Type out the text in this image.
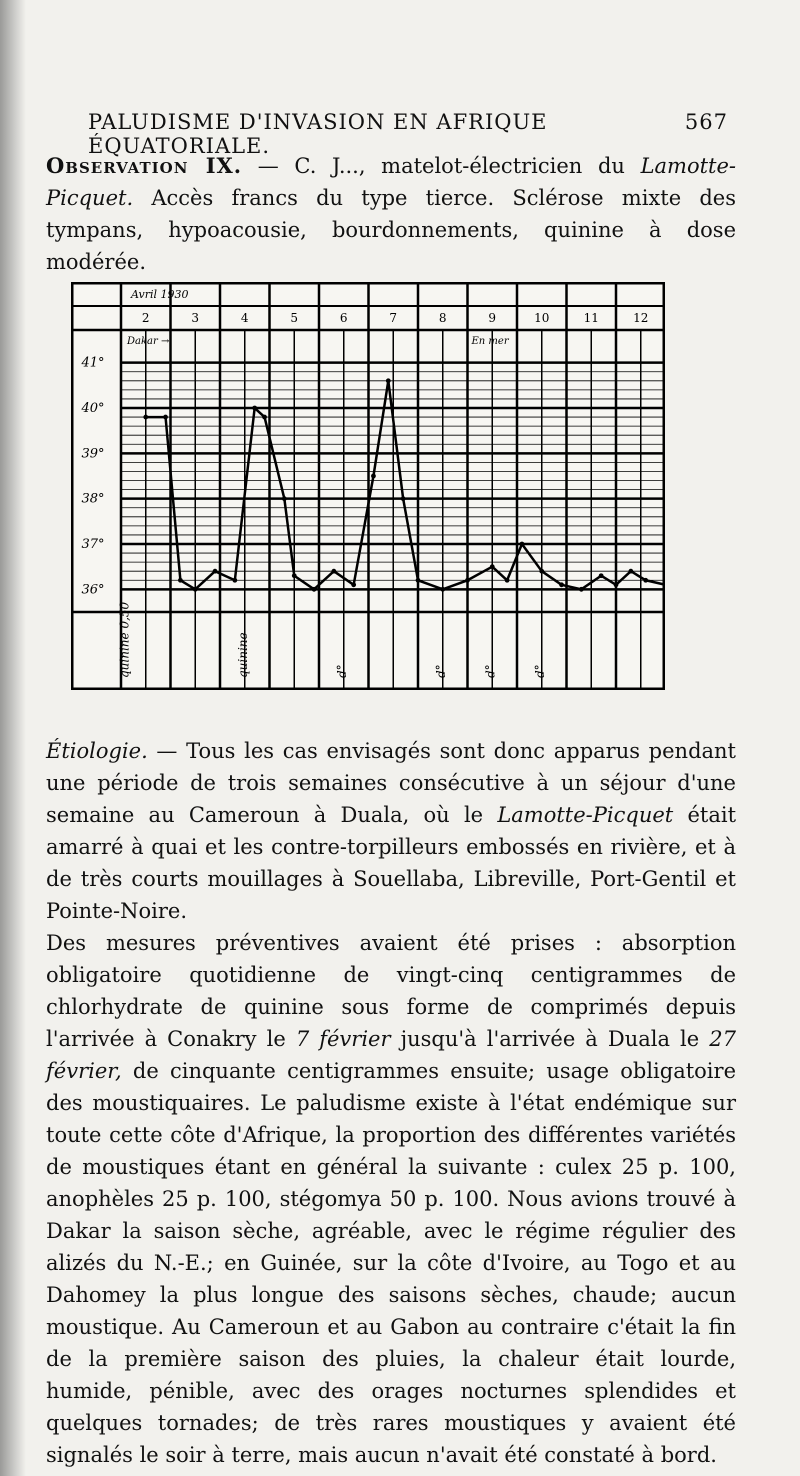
PALUDISME D'INVASION EN AFRIQUE ÉQUATORIALE.
567

Observation IX. — C. J..., matelot-électricien du Lamotte-Picquet. Accès francs du type tierce. Sclérose mixte des tympans, hypoacousie, bourdonnements, quinine à dose modérée.

41°
40°
39°
38°
37°
36°
Avril 1930
2	3	4	5	6	7	8	9	10	11	12
Dakar →	En mer
quinine 0,50	quinine	d°	d°	d°	d°

Étiologie. — Tous les cas envisagés sont donc apparus pendant une période de trois semaines consécutive à un séjour d'une semaine au Cameroun à Duala, où le Lamotte-Picquet était amarré à quai et les contre-torpilleurs embossés en rivière, et à de très courts mouillages à Souellaba, Libreville, Port-Gentil et Pointe-Noire.

Des mesures préventives avaient été prises : absorption obligatoire quotidienne de vingt-cinq centigrammes de chlorhydrate de quinine sous forme de comprimés depuis l'arrivée à Conakry le 7 février jusqu'à l'arrivée à Duala le 27 février, de cinquante centigrammes ensuite; usage obligatoire des moustiquaires. Le paludisme existe à l'état endémique sur toute cette côte d'Afrique, la proportion des différentes variétés de moustiques étant en général la suivante : culex 25 p. 100, anophèles 25 p. 100, stégomya 50 p. 100. Nous avions trouvé à Dakar la saison sèche, agréable, avec le régime régulier des alizés du N.-E.; en Guinée, sur la côte d'Ivoire, au Togo et au Dahomey la plus longue des saisons sèches, chaude; aucun moustique. Au Cameroun et au Gabon au contraire c'était la fin de la première saison des pluies, la chaleur était lourde, humide, pénible, avec des orages nocturnes splendides et quelques tornades; de très rares moustiques y avaient été signalés le soir à terre, mais aucun n'avait été constaté à bord.
